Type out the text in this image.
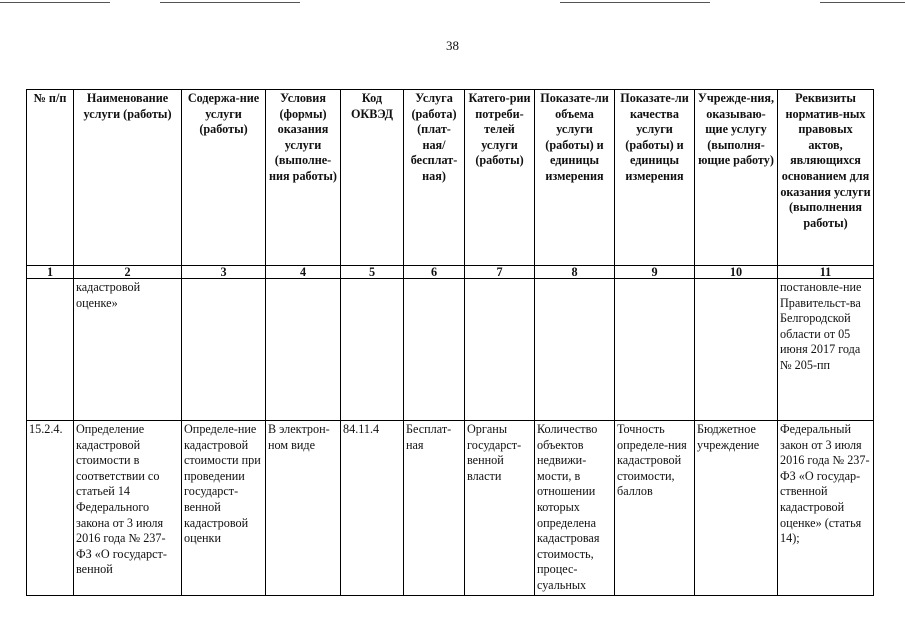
38
№ п/п	Наименование услуги (работы)	Содержа-ние услуги (работы)	Условия (формы) оказания услуги (выполне-ния работы)	Код ОКВЭД	Услуга (работа) (плат-ная/ бесплат-ная)	Катего-рии потреби-телей услуги (работы)	Показате-ли объема услуги (работы) и единицы измерения	Показате-ли качества услуги (работы) и единицы измерения	Учрежде-ния, оказываю-щие услугу (выполня-ющие работу)	Реквизиты норматив-ных правовых актов, являющихся основанием для оказания услуги (выполнения работы)
1	2	3	4	5	6	7	8	9	10	11
	кадастровой оценке»									постановле-ние Правительст-ва Белгородской области от 05 июня 2017 года № 205-пп
15.2.4.	Определение кадастровой стоимости в соответствии со статьей 14 Федерального закона от 3 июля 2016 года № 237-ФЗ «О государст-венной	Определе-ние кадастровой стоимости при проведении государст-венной кадастровой оценки	В электрон-ном виде	84.11.4	Бесплат-ная	Органы государст-венной власти	Количество объектов недвижи-мости, в отношении которых определена кадастровая стоимость, процес-суальных	Точность определе-ния кадастровой стоимости, баллов	Бюджетное учреждение	Федеральный закон от 3 июля 2016 года № 237-ФЗ «О государ-ственной кадастровой оценке» (статья 14);
